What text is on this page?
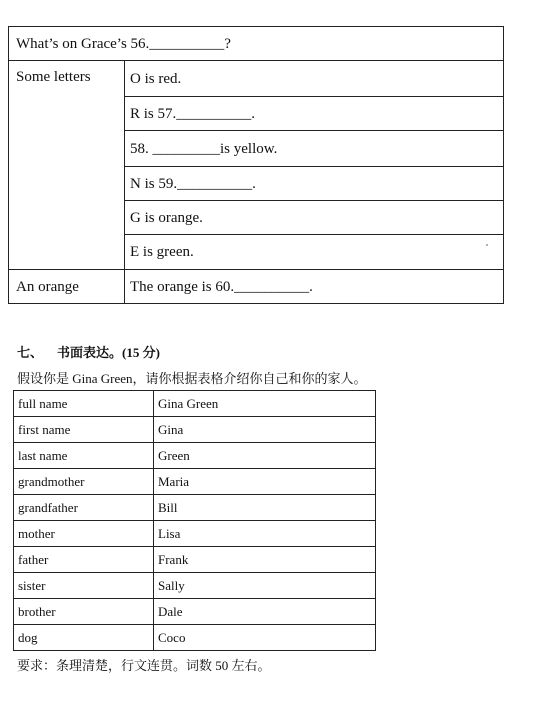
What’s on Grace’s 56.__________?
Some letters	O is red.
R is 57.__________.
58. _________is yellow.
N is 59.__________.
G is orange.
E is green.
An orange	The orange is 60.__________.
七、 书面表达。(15 分)
假设你是 Gina Green，请你根据表格介绍你自己和你的家人。
full name	Gina Green
first name	Gina
last name	Green
grandmother	Maria
grandfather	Bill
mother	Lisa
father	Frank
sister	Sally
brother	Dale
dog	Coco
要求：条理清楚，行文连贯。词数 50 左右。
